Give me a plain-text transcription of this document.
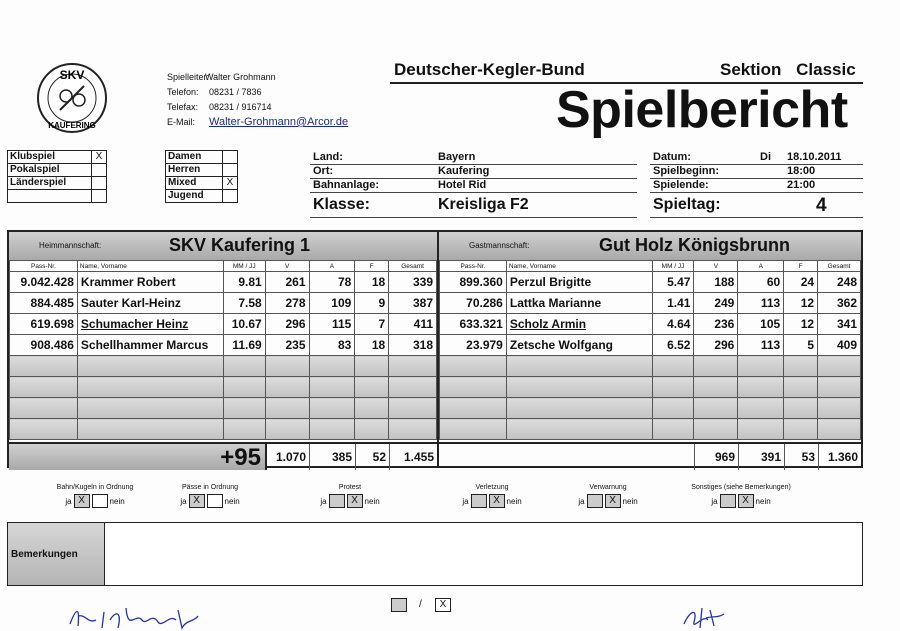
SKV
KAUFERING
Spielleiter:
Walter Grohmann
Telefon:	08231 / 7836
Telefax:	08231 / 916714
E-Mail:	Walter-Grohmann@Arcor.de
Deutscher-Kegler-Bund	Sektion Classic
Spielbericht
Klubspiel	X
Pokalspiel	
Länderspiel	

Damen	
Herren	
Mixed	X
Jugend	
Land:	Bayern
Ort:	Kaufering
Bahnanlage:	Hotel Rid
Klasse:	Kreisliga F2
Datum:	Di 18.10.2011
Spielbeginn:	18:00
Spielende:	21:00
Spieltag:	4
Heimmannschaft:	SKV Kaufering 1
Pass-Nr.	Name, Vorname	MM / JJ	V	A	F	Gesamt
9.042.428	Krammer Robert	9.81	261	78	18	339
884.485	Sauter Karl-Heinz	7.58	278	109	9	387
619.698	Schumacher Heinz	10.67	296	115	7	411
908.486	Schellhammer Marcus	11.69	235	83	18	318

+95	1.070	385	52	1.455
Gastmannschaft:	Gut Holz Königsbrunn
Pass-Nr.	Name, Vorname	MM / JJ	V	A	F	Gesamt
899.360	Perzul Brigitte	5.47	188	60	24	248
70.286	Lattka Marianne	1.41	249	113	12	362
633.321	Scholz Armin	4.64	236	105	12	341
23.979	Zetsche Wolfgang	6.52	296	113	5	409

969	391	53	1.360
Bahn/Kugeln in Ordnung
ja X	nein
Pässe in Ordnung
ja X	nein
Protest
ja	X nein
Verletzung
ja	X nein
Verwarnung
ja	X nein
Sonstiges (siehe Bemerkungen)
ja	X nein
Bemerkungen
/	X
